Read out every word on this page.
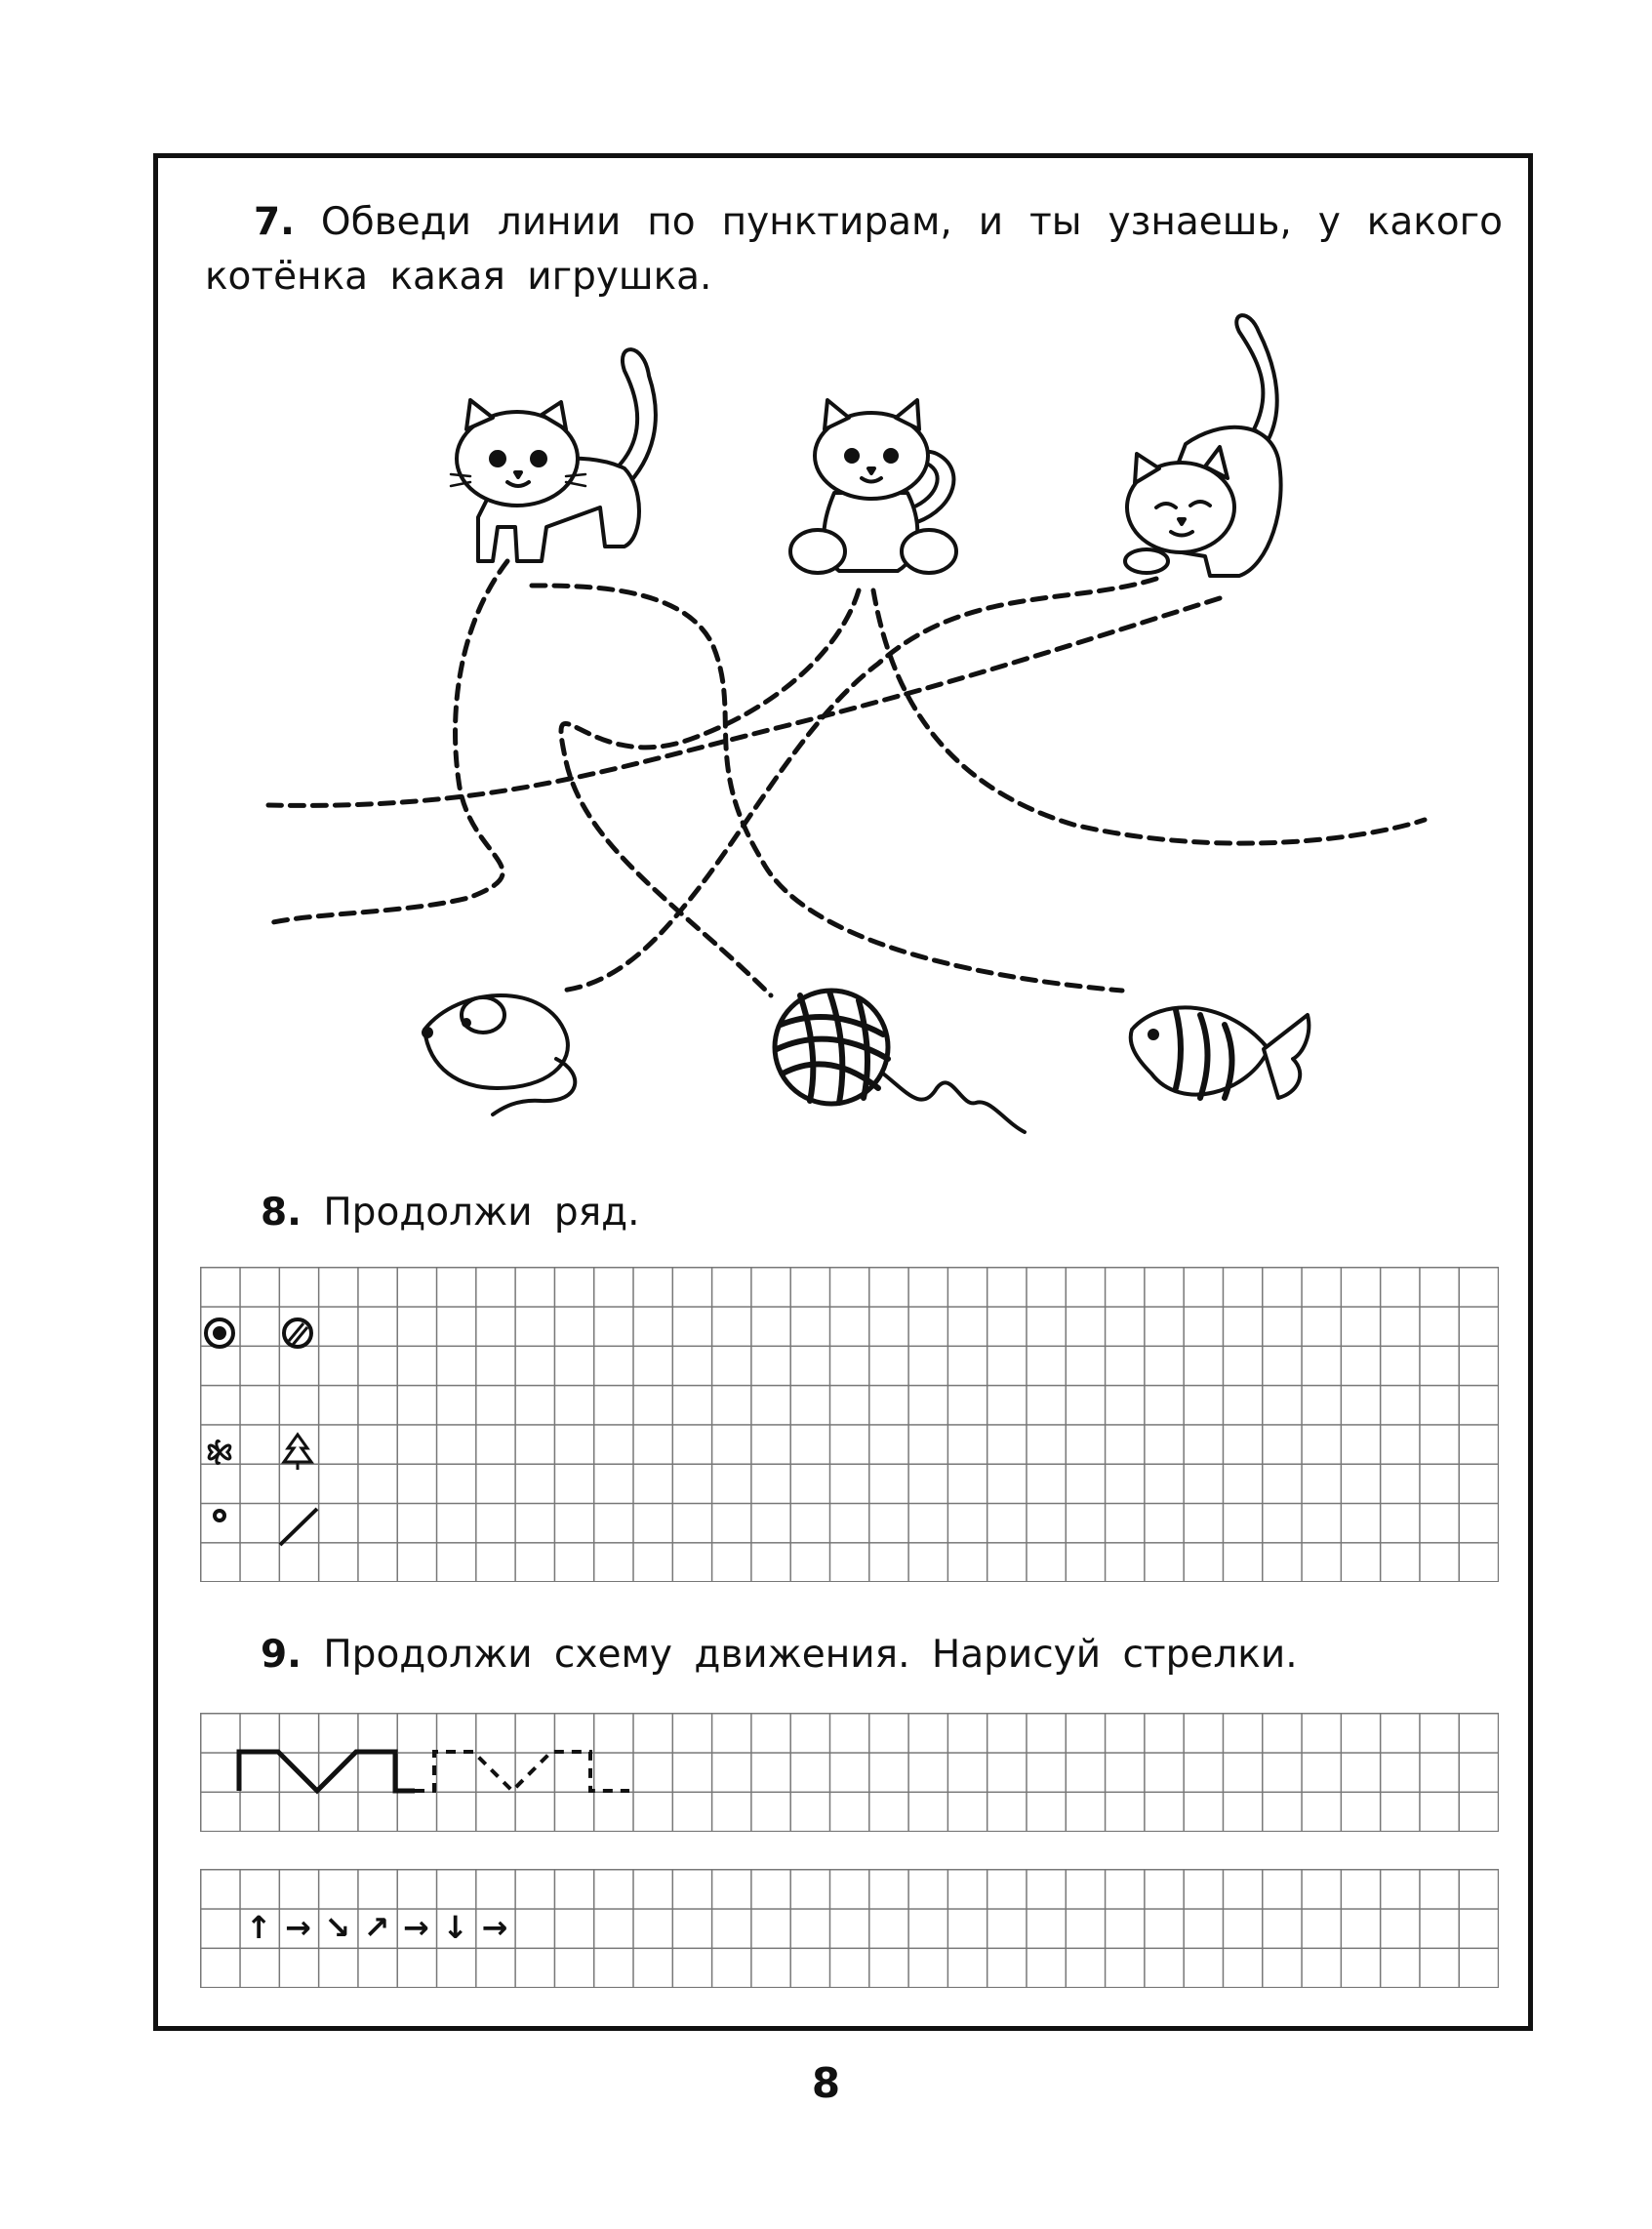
7. Обведи линии по пунктирам, и ты узнаешь, у какого котёнка какая игрушка.
8. Продолжи ряд.
9. Продолжи схему движения. Нарисуй стрелки.
↑ → ↘ ↗ → ↓ →
8
